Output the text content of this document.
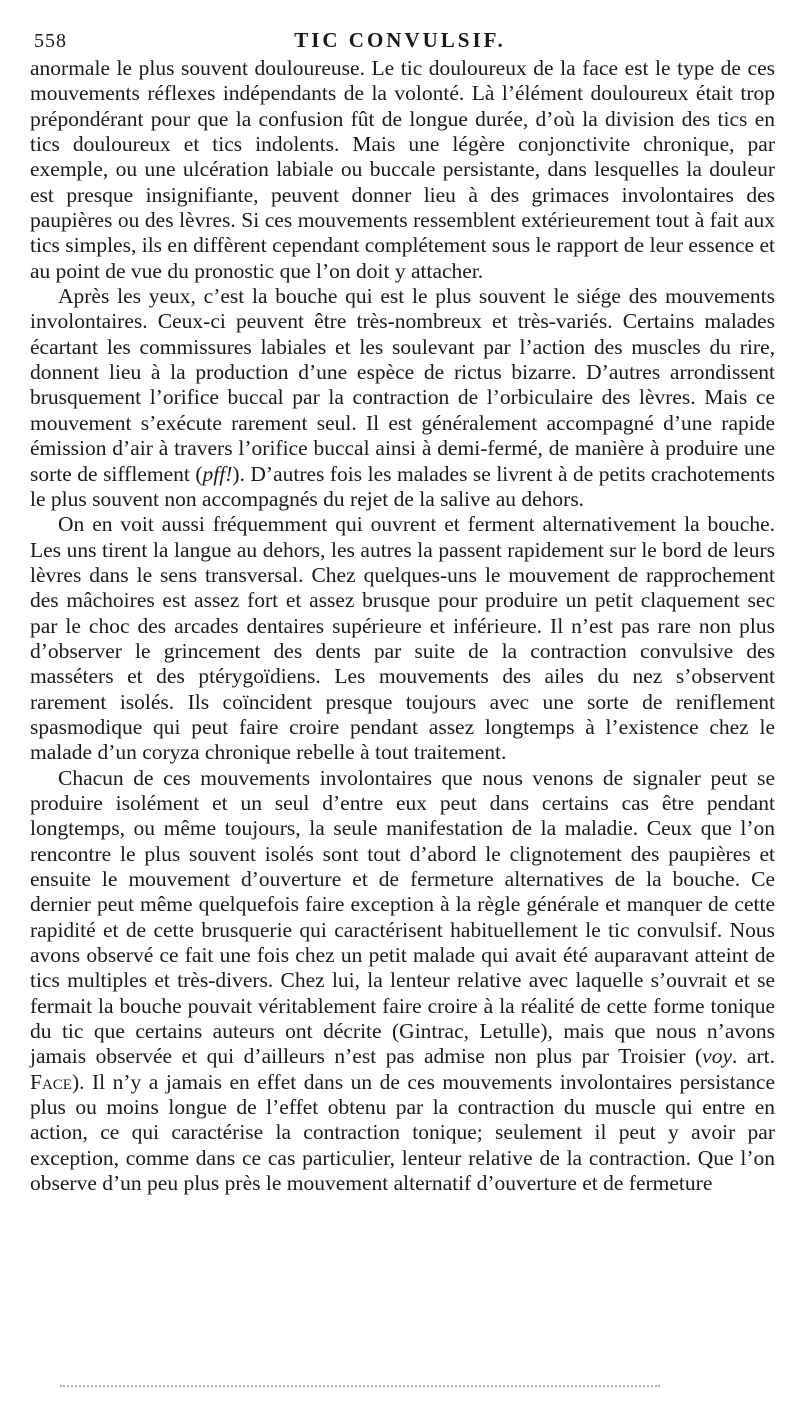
558	TIC CONVULSIF.

anormale le plus souvent douloureuse. Le tic douloureux de la face est le type de ces mouvements réflexes indépendants de la volonté. Là l’élément douloureux était trop prépondérant pour que la confusion fût de longue durée, d’où la division des tics en tics douloureux et tics indolents. Mais une légère conjonctivite chronique, par exemple, ou une ulcération labiale ou buccale persistante, dans lesquelles la douleur est presque insignifiante, peuvent donner lieu à des grimaces involontaires des paupières ou des lèvres. Si ces mouvements ressemblent extérieurement tout à fait aux tics simples, ils en diffèrent cependant complétement sous le rapport de leur essence et au point de vue du pronostic que l’on doit y attacher.

Après les yeux, c’est la bouche qui est le plus souvent le siége des mouvements involontaires. Ceux-ci peuvent être très-nombreux et très-variés. Certains malades écartant les commissures labiales et les soulevant par l’action des muscles du rire, donnent lieu à la production d’une espèce de rictus bizarre. D’autres arrondissent brusquement l’orifice buccal par la contraction de l’orbiculaire des lèvres. Mais ce mouvement s’exécute rarement seul. Il est généralement accompagné d’une rapide émission d’air à travers l’orifice buccal ainsi à demi-fermé, de manière à produire une sorte de sifflement (pff!). D’autres fois les malades se livrent à de petits crachotements le plus souvent non accompagnés du rejet de la salive au dehors.

On en voit aussi fréquemment qui ouvrent et ferment alternativement la bouche. Les uns tirent la langue au dehors, les autres la passent rapidement sur le bord de leurs lèvres dans le sens transversal. Chez quelques-uns le mouvement de rapprochement des mâchoires est assez fort et assez brusque pour produire un petit claquement sec par le choc des arcades dentaires supérieure et inférieure. Il n’est pas rare non plus d’observer le grincement des dents par suite de la contraction convulsive des masséters et des ptérygoïdiens. Les mouvements des ailes du nez s’observent rarement isolés. Ils coïncident presque toujours avec une sorte de reniflement spasmodique qui peut faire croire pendant assez longtemps à l’existence chez le malade d’un coryza chronique rebelle à tout traitement.

Chacun de ces mouvements involontaires que nous venons de signaler peut se produire isolément et un seul d’entre eux peut dans certains cas être pendant longtemps, ou même toujours, la seule manifestation de la maladie. Ceux que l’on rencontre le plus souvent isolés sont tout d’abord le clignotement des paupières et ensuite le mouvement d’ouverture et de fermeture alternatives de la bouche. Ce dernier peut même quelquefois faire exception à la règle générale et manquer de cette rapidité et de cette brusquerie qui caractérisent habituellement le tic convulsif. Nous avons observé ce fait une fois chez un petit malade qui avait été auparavant atteint de tics multiples et très-divers. Chez lui, la lenteur relative avec laquelle s’ouvrait et se fermait la bouche pouvait véritablement faire croire à la réalité de cette forme tonique du tic que certains auteurs ont décrite (Gintrac, Letulle), mais que nous n’avons jamais observée et qui d’ailleurs n’est pas admise non plus par Troisier (voy. art. Face). Il n’y a jamais en effet dans un de ces mouvements involontaires persistance plus ou moins longue de l’effet obtenu par la contraction du muscle qui entre en action, ce qui caractérise la contraction tonique; seulement il peut y avoir par exception, comme dans ce cas particulier, lenteur relative de la contraction. Que l’on observe d’un peu plus près le mouvement alternatif d’ouverture et de fermeture
